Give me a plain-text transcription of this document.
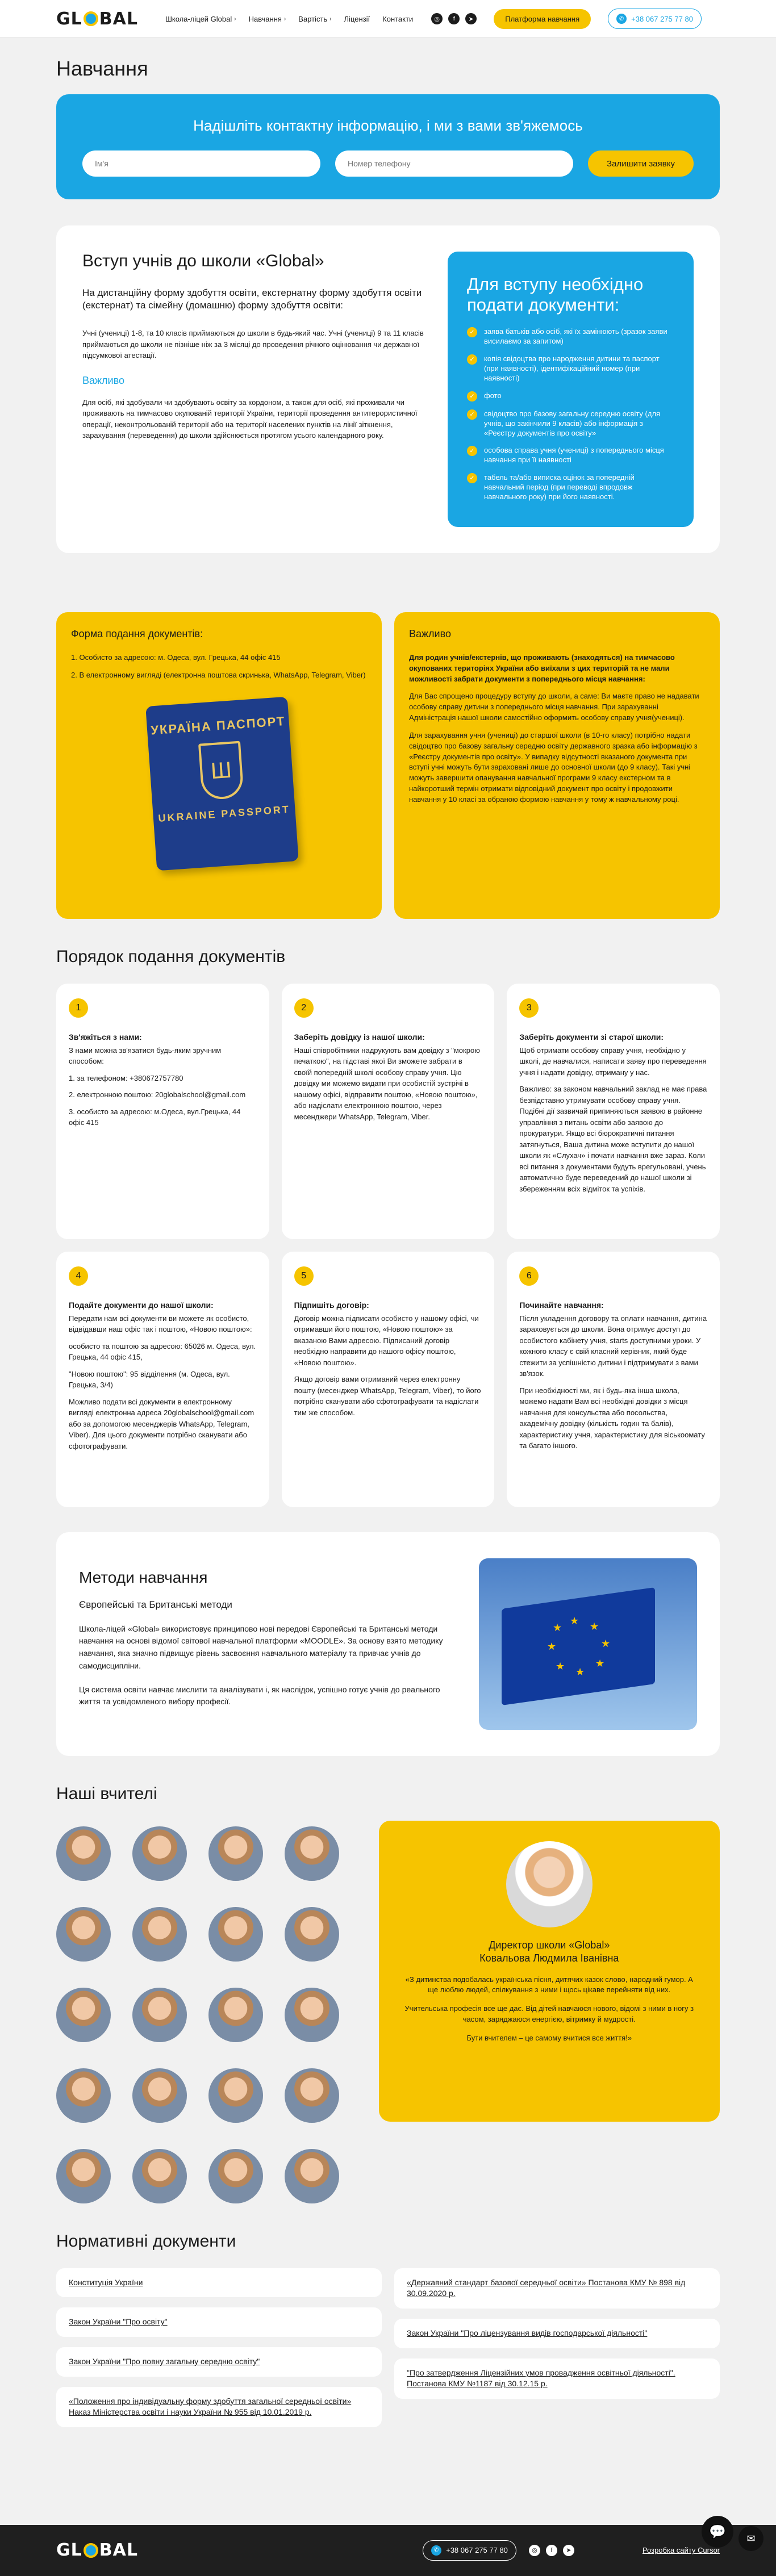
GL BAL	Школа-ліцей Global › Навчання › Вартість › Ліцензії Контакти	◎	f	➤	Платформа навчання	✆ +38 067 275 77 80
Навчання
Надішліть контактну інформацію, і ми з вами зв'яжемось
Ім'я
Номер телефону
Залишити заявку
Вступ учнів до школи «Global»
На дистанційну форму здобуття освіти, екстернатну форму здобуття освіти (екстернат) та сімейну (домашню) форму здобуття освіти:

Учні (учениці) 1-8, та 10 класів приймаються до школи в будь-який час. Учні (учениці) 9 та 11 класів приймаються до школи не пізніше ніж за 3 місяці до проведення річного оцінювання чи державної підсумкової атестації.

Важливо

Для осіб, які здобували чи здобувають освіту за кордоном, а також для осіб, які проживали чи проживають на тимчасово окупованій території України, території проведення антитерористичної операції, неконтрольованій території або на території населених пунктів на лінії зіткнення, зарахування (переведення) до школи здійснюється протягом усього календарного року.

Для вступу необхідно подати документи:
✓	заява батьків або осіб, які їх замінюють (зразок заяви висилаємо за запитом)
✓	копія свідоцтва про народження дитини та паспорт (при наявності), ідентифікаційний номер (при наявності)
✓	фото
✓	свідоцтво про базову загальну середню освіту (для учнів, що закінчили 9 класів) або інформація з «Реєстру документів про освіту»
✓	особова справа учня (учениці) з попереднього місця навчання при її наявності
✓	табель та/або виписка оцінок за попередній навчальний період (при переводі впродовж навчального року) при його наявності.
Форма подання документів:

1. Особисто за адресою: м. Одеса, вул. Грецька, 44 офіс 415

2. В електронному вигляді (електронна поштова скринька, WhatsApp, Telegram, Viber)

УКРАЇНА ПАСПОРТ
Ш
UKRAINE PASSPORT
Важливо

Для родин учнів/екстернів, що проживають (знаходяться) на тимчасово окупованих територіях України або виїхали з цих територій та не мали можливості забрати документи з попереднього місця навчання:

Для Вас спрощено процедуру вступу до школи, а саме: Ви маєте право не надавати особову справу дитини з попереднього місця навчання. При зарахуванні Адміністрація нашої школи самостійно оформить особову справу учня(учениці).

Для зарахування учня (учениці) до старшої школи (в 10-го класу) потрібно надати свідоцтво про базову загальну середню освіту державного зразка або інформацію з «Реєстру документів про освіту». У випадку відсутності вказаного документа при вступі учні можуть бути зараховані лише до основної школи (до 9 класу). Такі учні можуть завершити опанування навчальної програми 9 класу екстерном та в найкоротший термін отримати відповідний документ про освіту і продовжити навчання у 10 класі за обраною формою навчання у тому ж навчальному році.

Порядок подання документів
1
Зв'яжіться з нами:

З нами можна зв'язатися будь-яким зручним способом:

1. за телефоном: +380672757780

2. електронною поштою: 20globalschool@gmail.com

3. особисто за адресою: м.Одеса, вул.Грецька, 44 офіс 415

2
Заберіть довідку із нашої школи:

Наші співробітники надрукують вам довідку з "мокрою печаткою", на підставі якої Ви зможете забрати в своїй попередній школі особову справу учня. Цю довідку ми можемо видати при особистій зустрічі в нашому офісі, відправити поштою, «Новою поштою», або надіслати електронною поштою, через месенджери WhatsApp, Telegram, Viber.

3
Заберіть документи зі старої школи:

Щоб отримати особову справу учня, необхідно у школі, де навчалися, написати заяву про переведення учня і надати довідку, отриману у нас.

Важливо: за законом навчальний заклад не має права безпідставно утримувати особову справу учня. Подібні дії зазвичай припиняються заявою в районне управління з питань освіти або заявою до прокуратури. Якщо всі бюрократичні питання затягнуться, Ваша дитина може вступити до нашої школи як «Слухач» і почати навчання вже зараз. Коли всі питання з документами будуть врегульовані, учень автоматично буде переведений до нашої школи зі збереженням всіх відміток та успіхів.

4
Подайте документи до нашої школи:

Передати нам всі документи ви можете як особисто, відвідавши наш офіс так і поштою, «Новою поштою»:

особисто та поштою за адресою: 65026 м. Одеса, вул. Грецька, 44 офіс 415,

"Новою поштою": 95 відділення (м. Одеса, вул. Грецька, 3/4)

Можливо подати всі документи в електронному вигляді електронна адреса 20globalschool@gmail.com або за допомогою месенджерів WhatsApp, Telegram, Viber). Для цього документи потрібно сканувати або сфотографувати.

5
Підпишіть договір:

Договір можна підписати особисто у нашому офісі, чи отримавши його поштою, «Новою поштою» за вказаною Вами адресою. Підписаний договір необхідно направити до нашого офісу поштою, «Новою поштою».

Якщо договір вами отриманий через електронну пошту (месенджер WhatsApp, Telegram, Viber), то його потрібно сканувати або сфотографувати та надіслати тим же способом.

6
Починайте навчання:

Після укладення договору та оплати навчання, дитина зараховується до школи. Вона отримує доступ до особистого кабінету учня, starts доступними уроки. У кожного класу є свій класний керівник, який буде стежити за успішністю дитини і підтримувати з вами зв'язок.

При необхідності ми, як і будь-яка інша школа, можемо надати Вам всі необхідні довідки з місця навчання для консульства або посольства, академічну довідку (кількість годин та балів), характеристику учня, характеристику для віськоомату та багато іншого.

Методи навчання
Європейські та Британські методи

Школа-ліцей «Global» використовує принципово нові передові Європейські та Британські методи навчання на основі відомої світової навчальної платформи «MOODLE». За основу взято методику навчання, яка значно підвищує рівень засвоєння навчального матеріалу та привчає учнів до самодисципліни.

Ця система освіти навчає мислити та аналізувати і, як наслідок, успішно готує учнів до реального життя та усвідомленого вибору професії.

★ ★
★
★
★
★
★
★
Наші вчителі
Директор школи «Global»
Ковальова Людмила Іванівна

«З дитинства подобалась українська пісня, дитячих казок слово, народний гумор. А ще люблю людей, спілкування з ними і щось цікаве перейняти від них.

Учительська професія все ще дає. Від дітей навчаюся нового, відомі з ними в ногу з часом, заряджаюся енергією, вітримку й мудрості.

Бути вчителем – це самому вчитися все життя!»

Нормативні документи
Конституція України
Закон України "Про освіту"
Закон України "Про повну загальну середню освіту"
«Положення про індивідуальну форму здобуття загальної середньої освіти» Наказ Міністерства освіти і науки України № 955 від 10.01.2019 р.
«Державний стандарт базової середньої освіти» Постанова КМУ № 898 від 30.09.2020 р.
Закон України "Про ліцензування видів господарської діяльності"
"Про затвердження Ліцензійних умов провадження освітньої діяльності". Постанова КМУ №1187 від 30.12.15 р.
GL BAL	✆ +38 067 275 77 80	◎	f	➤	Розробка сайту Cursor
💬	✉
